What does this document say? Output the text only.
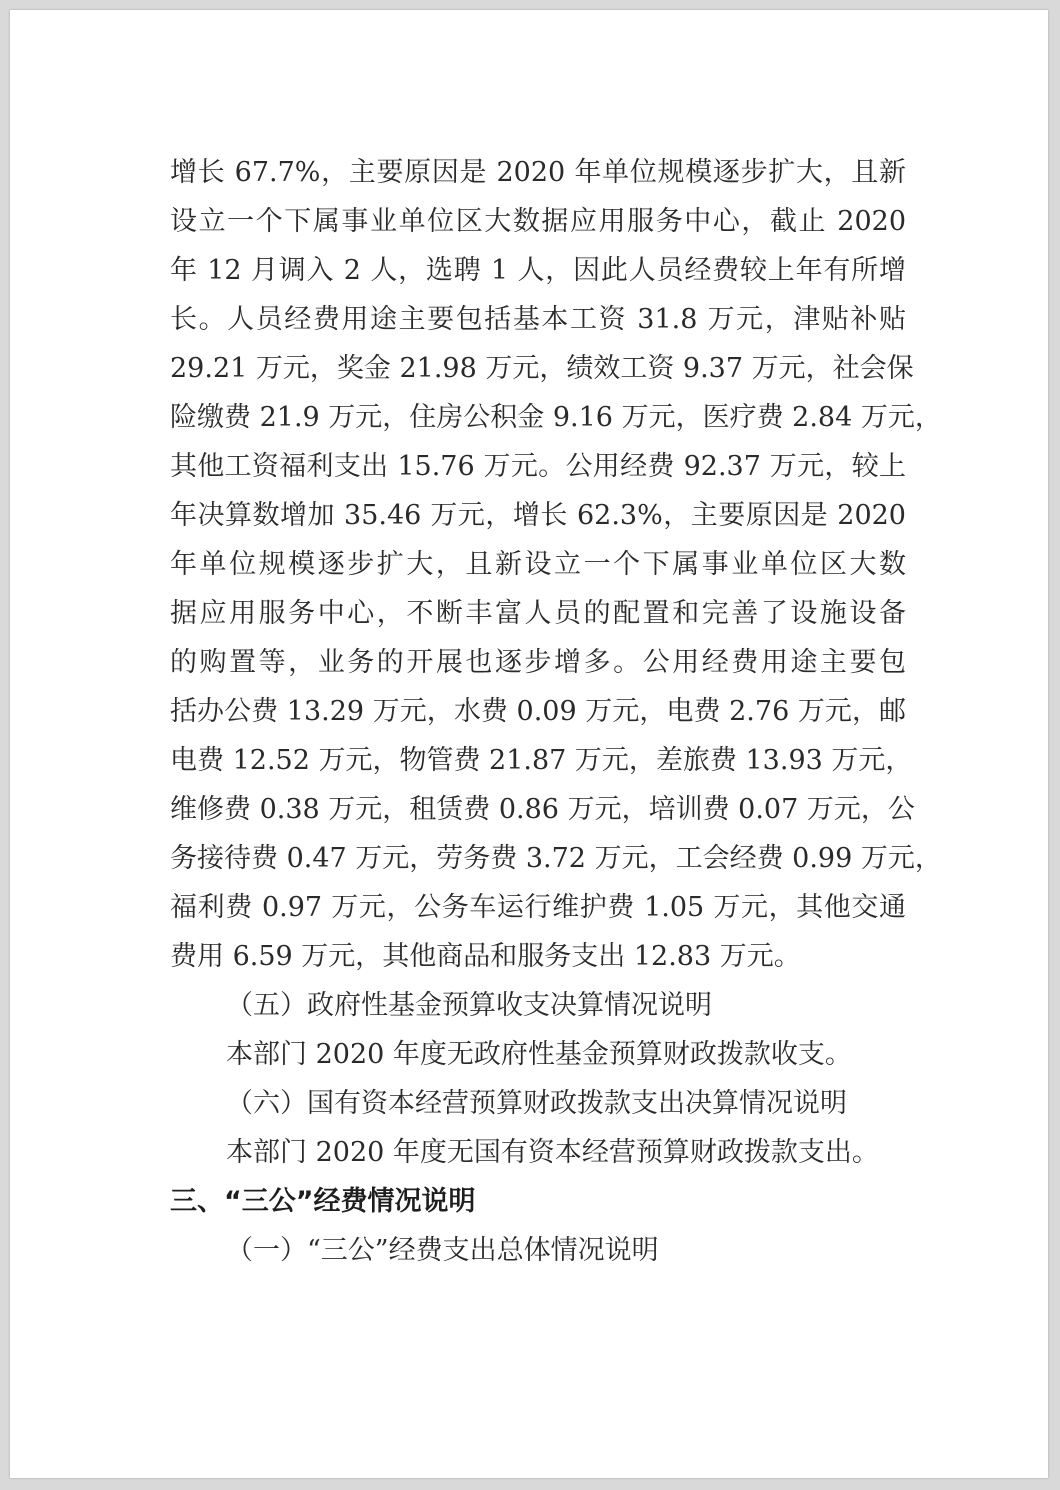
增长 67.7%，主要原因是 2020 年单位规模逐步扩大，且新
设立一个下属事业单位区大数据应用服务中心，截止 2020
年 12 月调入 2 人，选聘 1 人，因此人员经费较上年有所增
长。人员经费用途主要包括基本工资 31.8 万元，津贴补贴
29.21 万元，奖金 21.98 万元，绩效工资 9.37 万元，社会保
险缴费 21.9 万元，住房公积金 9.16 万元，医疗费 2.84 万元，
其他工资福利支出 15.76 万元。公用经费 92.37 万元，较上
年决算数增加 35.46 万元，增长 62.3%，主要原因是 2020
年单位规模逐步扩大，且新设立一个下属事业单位区大数
据应用服务中心，不断丰富人员的配置和完善了设施设备
的购置等，业务的开展也逐步增多。公用经费用途主要包
括办公费 13.29 万元，水费 0.09 万元，电费 2.76 万元，邮
电费 12.52 万元，物管费 21.87 万元，差旅费 13.93 万元，
维修费 0.38 万元，租赁费 0.86 万元，培训费 0.07 万元，公
务接待费 0.47 万元，劳务费 3.72 万元，工会经费 0.99 万元，
福利费 0.97 万元，公务车运行维护费 1.05 万元，其他交通
费用 6.59 万元，其他商品和服务支出 12.83 万元。
（五）政府性基金预算收支决算情况说明
本部门 2020 年度无政府性基金预算财政拨款收支。
（六）国有资本经营预算财政拨款支出决算情况说明
本部门 2020 年度无国有资本经营预算财政拨款支出。
三、“三公”经费情况说明
（一）“三公”经费支出总体情况说明
